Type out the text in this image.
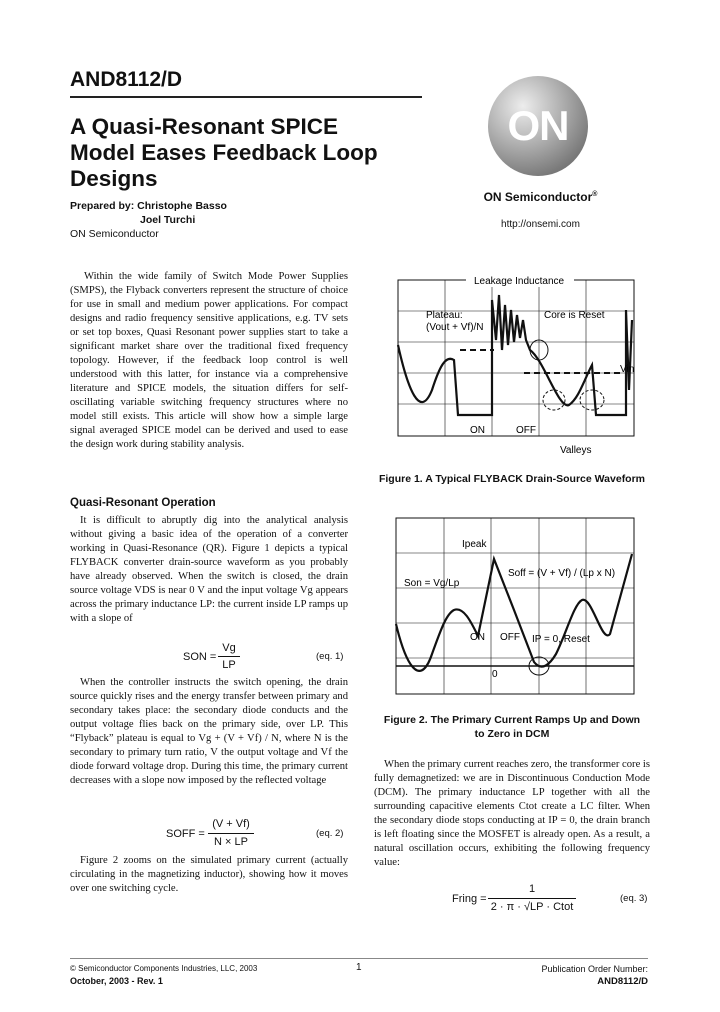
AND8112/D
A Quasi-Resonant SPICE Model Eases Feedback Loop Designs
Prepared by: Christophe Basso
Joel Turchi
ON Semiconductor
ON
ON Semiconductor®
http://onsemi.com
Within the wide family of Switch Mode Power Supplies (SMPS), the Flyback converters represent the structure of choice for use in small and medium power applications. For compact designs and radio frequency sensitive applications, e.g. TV sets or set top boxes, Quasi Resonant power supplies start to take a significant market share over the traditional fixed frequency topology. However, if the feedback loop control is well understood with this latter, for instance via a comprehensive literature and SPICE models, the situation differs for self-oscillating variable switching frequency structures where no model still exists. This article will show how a simple large signal averaged SPICE model can be derived and used to ease the design work during stability analysis.
Quasi-Resonant Operation
It is difficult to abruptly dig into the analytical analysis without giving a basic idea of the operation of a converter working in Quasi-Resonance (QR). Figure 1 depicts a typical FLYBACK converter drain-source waveform as you probably have already observed. When the switch is closed, the drain source voltage VDS is near 0 V and the input voltage Vg appears across the primary inductance LP: the current inside LP ramps up with a slope of
SON =
Vg
LP
(eq. 1)
When the controller instructs the switch opening, the drain source quickly rises and the energy transfer between primary and secondary takes place: the secondary diode conducts and the output voltage flies back on the primary side, over LP. This “Flyback” plateau is equal to Vg + (V + Vf) / N, where N is the secondary to primary turn ratio, V the output voltage and Vf the diode forward voltage drop. During this time, the primary current decreases with a slope now imposed by the reflected voltage
SOFF =
(V + Vf)
N × LP
(eq. 2)
Figure 2 zooms on the simulated primary current (actually circulating in the magnetizing inductor), showing how it moves over one switching cycle.
Leakage Inductance
Plateau:
(Vout + Vf)/N
Core is Reset
Vin
ON	OFF
Valleys
Figure 1. A Typical FLYBACK Drain-Source Waveform
Ipeak
Son = Vg/Lp
Soff = (V + Vf) / (Lp x N)
ON OFF IP = 0, Reset
0
Figure 2. The Primary Current Ramps Up and Down to Zero in DCM
When the primary current reaches zero, the transformer core is fully demagnetized: we are in Discontinuous Conduction Mode (DCM). The primary inductance LP together with all the surrounding capacitive elements Ctot create a LC filter. When the secondary diode stops conducting at IP = 0, the drain branch is left floating since the MOSFET is already open. As a result, a natural oscillation occurs, exhibiting the following frequency value:
Fring =
1
2 · π · √LP · Ctot
(eq. 3)
© Semiconductor Components Industries, LLC, 2003
October, 2003 - Rev. 1
1	Publication Order Number:
AND8112/D
